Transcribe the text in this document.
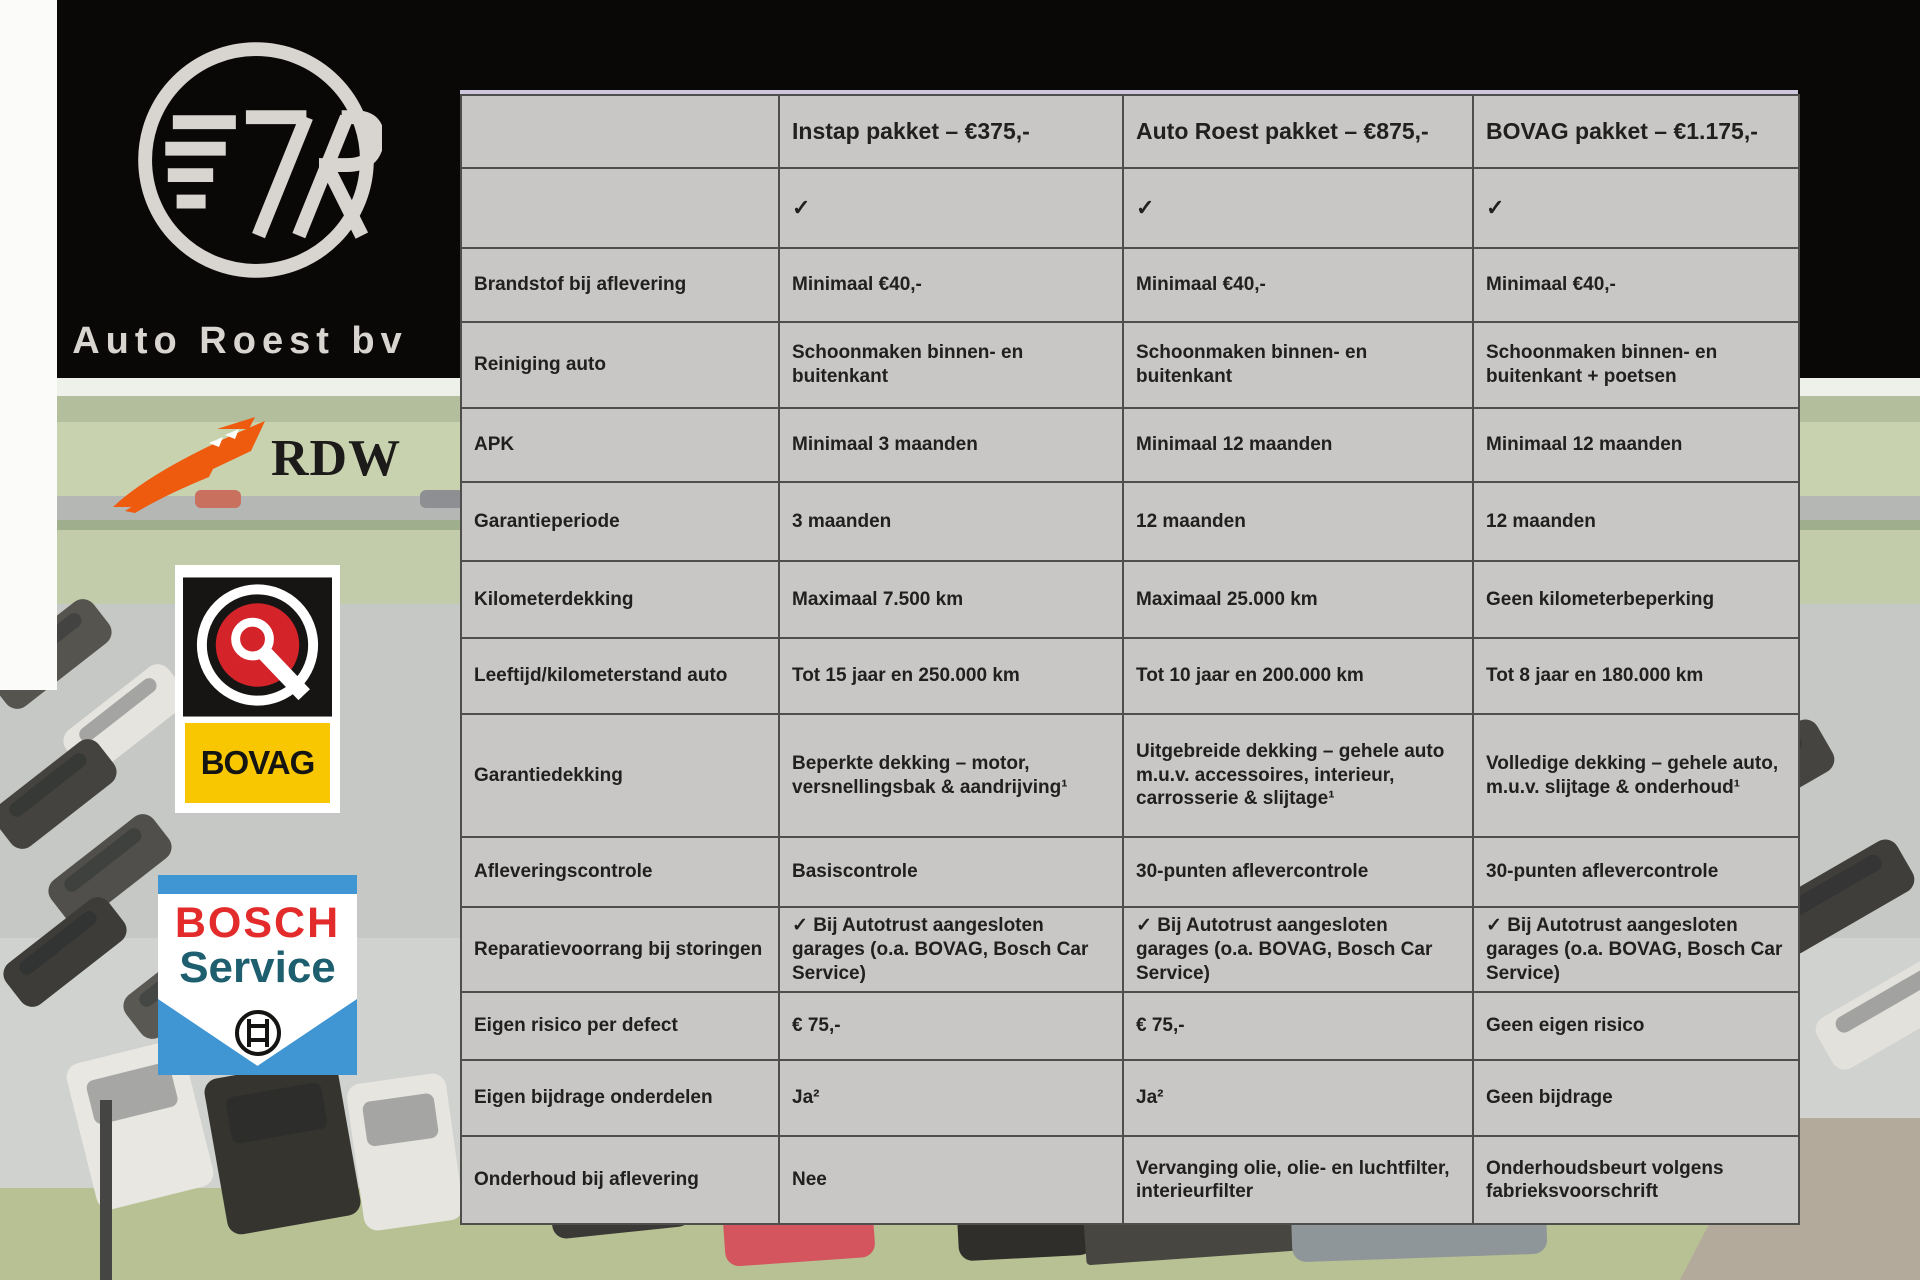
Auto Roest bv
RDW
BOVAG
BOSCH
Service
	Instap pakket – €375,-	Auto Roest pakket – €875,-	BOVAG pakket – €1.175,-
	✓	✓	✓
Brandstof bij aflevering	Minimaal €40,-	Minimaal €40,-	Minimaal €40,-
Reiniging auto	Schoonmaken binnen- en buitenkant	Schoonmaken binnen- en buitenkant	Schoonmaken binnen- en buitenkant + poetsen
APK	Minimaal 3 maanden	Minimaal 12 maanden	Minimaal 12 maanden
Garantieperiode	3 maanden	12 maanden	12 maanden
Kilometerdekking	Maximaal 7.500 km	Maximaal 25.000 km	Geen kilometerbeperking
Leeftijd/kilometerstand auto	Tot 15 jaar en 250.000 km	Tot 10 jaar en 200.000 km	Tot 8 jaar en 180.000 km
Garantiedekking	Beperkte dekking – motor, versnellingsbak & aandrijving¹	Uitgebreide dekking – gehele auto m.u.v. accessoires, interieur, carrosserie & slijtage¹	Volledige dekking – gehele auto, m.u.v. slijtage & onderhoud¹
Afleveringscontrole	Basiscontrole	30-punten aflevercontrole	30-punten aflevercontrole
Reparatievoorrang bij storingen	✓ Bij Autotrust aangesloten garages (o.a. BOVAG, Bosch Car Service)	✓ Bij Autotrust aangesloten garages (o.a. BOVAG, Bosch Car Service)	✓ Bij Autotrust aangesloten garages (o.a. BOVAG, Bosch Car Service)
Eigen risico per defect	€ 75,-	€ 75,-	Geen eigen risico
Eigen bijdrage onderdelen	Ja²	Ja²	Geen bijdrage
Onderhoud bij aflevering	Nee	Vervanging olie, olie- en luchtfilter, interieurfilter	Onderhoudsbeurt volgens fabrieksvoorschrift
